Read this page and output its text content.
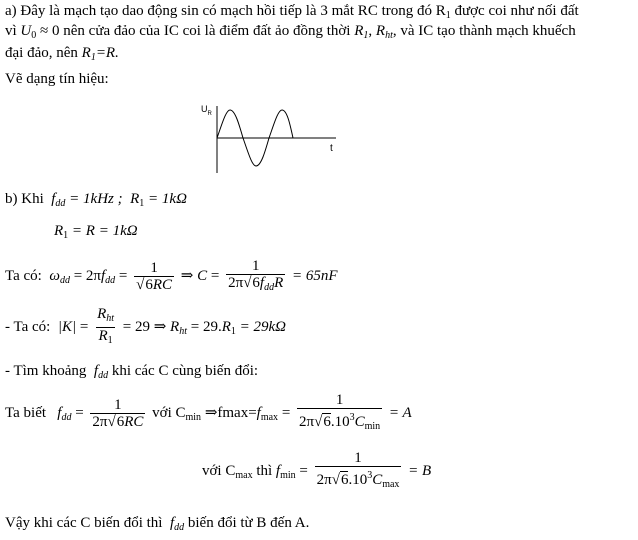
a) Đây là mạch tạo dao động sin có mạch hồi tiếp là 3 mắt RC trong đó $R_1$ được coi như nối đất
vì $U_0 \approx 0$ nên cửa đảo của IC coi là điểm đất ảo đồng thời $R_1$, $R_{ht}$, và IC tạo thành mạch khuếch
đại đảo, nên $R_1=R$.
Vẽ dạng tín hiệu:
$U_R$
t
b) Khi $f_{dd} = 1kHz$ ; $R_1 = 1k\Omega$
$R_1 = R = 1k\Omega$
Ta có: $\omega_{dd} = 2\pi f_{dd} = \frac{1}{√6RC}$ ⇒ $C = \frac{1}{2\pi√6f_{dd}R} = 65nF$
- Ta có: $|K| = \frac{R_{ht}}{R_1} = 29$ ⇒ $R_{ht} = 29.R_1 = 29k\Omega$
- Tìm khoảng $f_{dd}$ khi các C cùng biến đổi:
Ta biết $f_{dd} = \frac{1}{2\pi√6RC}$ với $C_{min}$ $\Rightarrow fmax=f_{max} = \frac{1}{2\pi√6.10^3C_{min}} = A$
với $C_{max}$ thì $f_{min} = \frac{1}{2\pi√6.10^3C_{max}} = B$
Vậy khi các C biến đổi thì $f_{dd}$ biến đổi từ B đến A.
